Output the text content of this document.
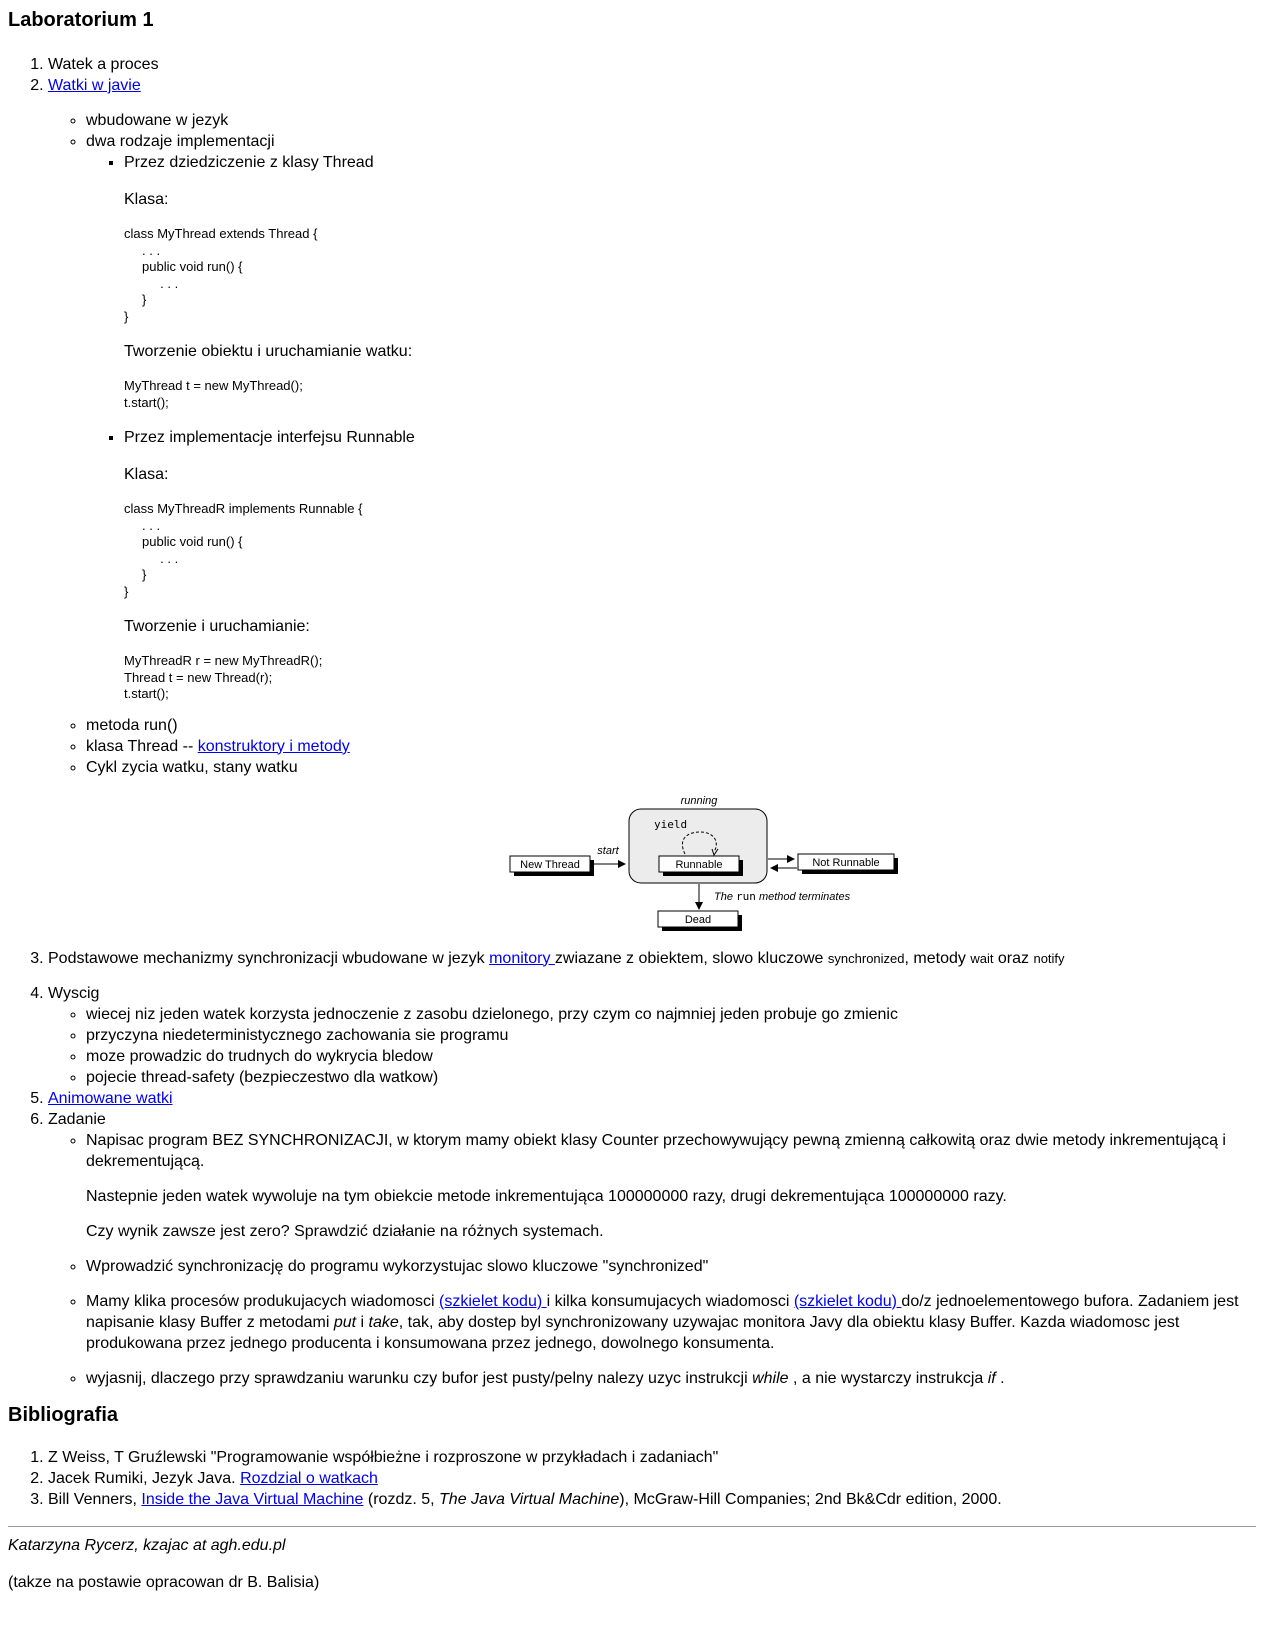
Laboratorium 1
1. Watek a proces
2. Watki w javie
◦ wbudowane w jezyk
◦ dwa rodzaje implementacji
▪ Przez dziedziczenie z klasy Thread

Klasa:

class MyThread extends Thread {
. . .
public void run() {
. . .
}
}

Tworzenie obiektu i uruchamianie watku:

MyThread t = new MyThread();
t.start();
▪ Przez implementacje interfejsu Runnable

Klasa:

class MyThreadR implements Runnable {
. . .
public void run() {
. . .
}
}

Tworzenie i uruchamianie:

MyThreadR r = new MyThreadR();
Thread t = new Thread(r);
t.start();
◦ metoda run()
◦ klasa Thread -- konstruktory i metody
◦ Cykl zycia watku, stany watku
running
yield
Runnable
New Thread
start
Not Runnable
The run method terminates
Dead
3. Podstawowe mechanizmy synchronizacji wbudowane w jezyk monitory zwiazane z obiektem, slowo kluczowe synchronized, metody wait oraz notify
4. Wyscig
◦ wiecej niz jeden watek korzysta jednoczenie z zasobu dzielonego, przy czym co najmniej jeden probuje go zmienic
◦ przyczyna niedeterministycznego zachowania sie programu
◦ moze prowadzic do trudnych do wykrycia bledow
◦ pojecie thread-safety (bezpieczestwo dla watkow)
5. Animowane watki
6. Zadanie
◦ Napisac program BEZ SYNCHRONIZACJI, w ktorym mamy obiekt klasy Counter przechowywujący pewną zmienną całkowitą oraz dwie metody inkrementującą i dekrementującą.

Nastepnie jeden watek wywoluje na tym obiekcie metode inkrementująca 100000000 razy, drugi dekrementująca 100000000 razy.

Czy wynik zawsze jest zero? Sprawdzić działanie na różnych systemach.

◦ Wprowadzić synchronizację do programu wykorzystujac slowo kluczowe "synchronized"
◦ Mamy klika procesów produkujacych wiadomosci (szkielet kodu) i kilka konsumujacych wiadomosci (szkielet kodu) do/z jednoelementowego bufora. Zadaniem jest napisanie klasy Buffer z metodami put i take, tak, aby dostep byl synchronizowany uzywajac monitora Javy dla obiektu klasy Buffer. Kazda wiadomosc jest produkowana przez jednego producenta i konsumowana przez jednego, dowolnego konsumenta.
◦ wyjasnij, dlaczego przy sprawdzaniu warunku czy bufor jest pusty/pelny nalezy uzyc instrukcji while , a nie wystarczy instrukcja if .
Bibliografia
1. Z Weiss, T Gruźlewski "Programowanie współbieżne i rozproszone w przykładach i zadaniach"
2. Jacek Rumiki, Jezyk Java. Rozdzial o watkach
3. Bill Venners, Inside the Java Virtual Machine (rozdz. 5, The Java Virtual Machine), McGraw-Hill Companies; 2nd Bk&Cdr edition, 2000.

Katarzyna Rycerz, kzajac at agh.edu.pl

(takze na postawie opracowan dr B. Balisia)
